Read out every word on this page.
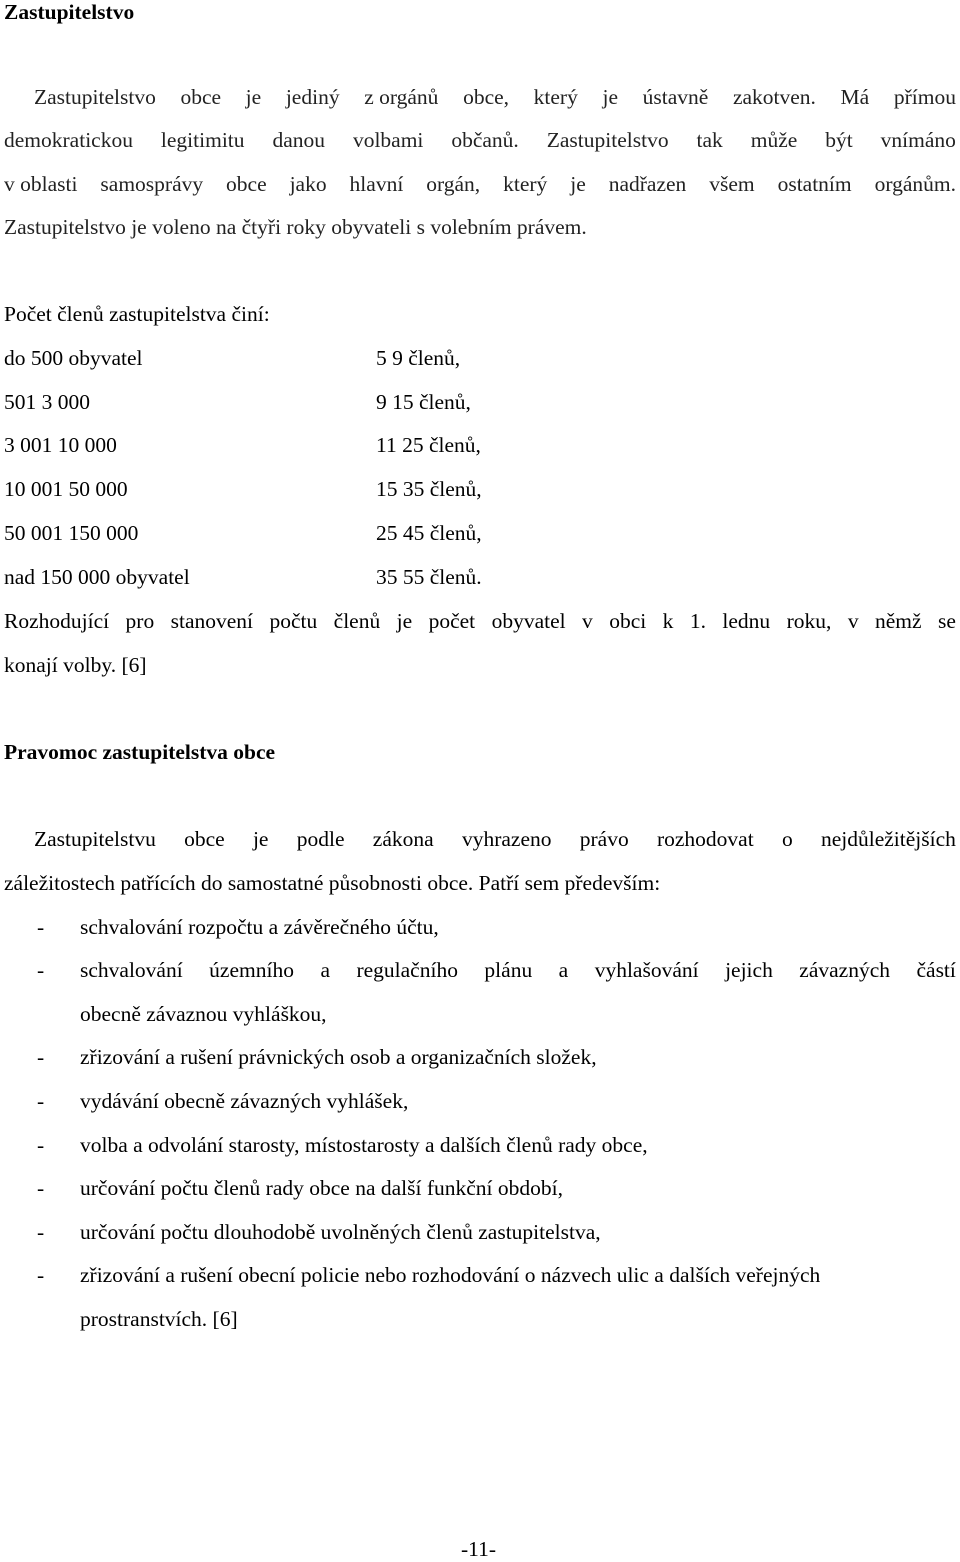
Zastupitelstvo
Zastupitelstvo obce je jediný z orgánů obce, který je ústavně zakotven. Má přímou
demokratickou legitimitu danou volbami občanů. Zastupitelstvo tak může být vnímáno
v oblasti samosprávy obce jako hlavní orgán, který je nadřazen všem ostatním orgánům.
Zastupitelstvo je voleno na čtyři roky obyvateli s volebním právem.
Počet členů zastupitelstva činí:
do 500 obyvatel	5 9 členů,
501 3 000	9 15 členů,
3 001 10 000	11 25 členů,
10 001 50 000	15 35 členů,
50 001 150 000	25 45 členů,
nad 150 000 obyvatel	35 55 členů.
Rozhodující pro stanovení počtu členů je počet obyvatel v obci k 1. lednu roku, v němž se
konají volby. [6]
Pravomoc zastupitelstva obce
Zastupitelstvu obce je podle zákona vyhrazeno právo rozhodovat o nejdůležitějších
záležitostech patřících do samostatné působnosti obce. Patří sem především:
- schvalování rozpočtu a závěrečného účtu,
- schvalování územního a regulačního plánu a vyhlašování jejich závazných částí
obecně závaznou vyhláškou,
- zřizování a rušení právnických osob a organizačních složek,
- vydávání obecně závazných vyhlášek,
- volba a odvolání starosty, místostarosty a dalších členů rady obce,
- určování počtu členů rady obce na další funkční období,
- určování počtu dlouhodobě uvolněných členů zastupitelstva,
- zřizování a rušení obecní policie nebo rozhodování o názvech ulic a dalších veřejných
prostranstvích. [6]
-11-
